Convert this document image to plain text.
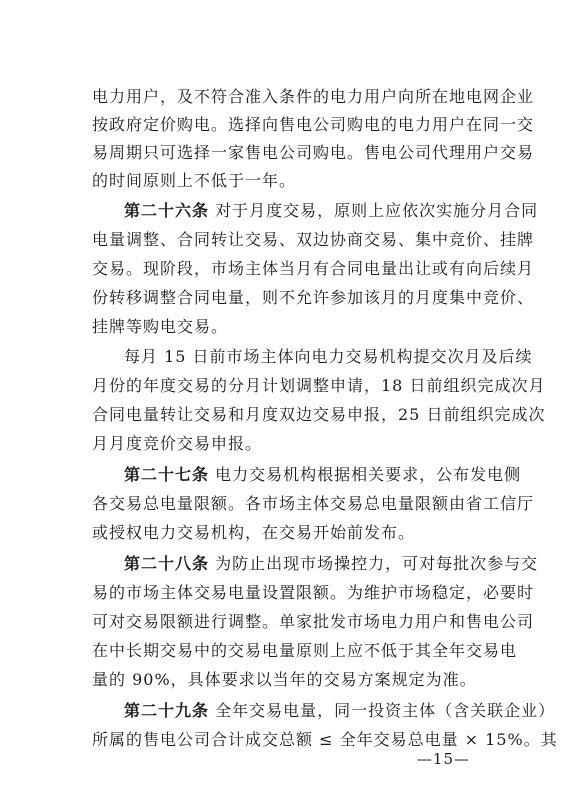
电力用户，及不符合准入条件的电力用户向所在地电网企业
按政府定价购电。选择向售电公司购电的电力用户在同一交
易周期只可选择一家售电公司购电。售电公司代理用户交易
的时间原则上不低于一年。
第二十六条 对于月度交易，原则上应依次实施分月合同
电量调整、合同转让交易、双边协商交易、集中竞价、挂牌
交易。现阶段，市场主体当月有合同电量出让或有向后续月
份转移调整合同电量，则不允许参加该月的月度集中竞价、
挂牌等购电交易。
每月 15 日前市场主体向电力交易机构提交次月及后续
月份的年度交易的分月计划调整申请，18 日前组织完成次月
合同电量转让交易和月度双边交易申报，25 日前组织完成次
月月度竞价交易申报。
第二十七条 电力交易机构根据相关要求，公布发电侧
各交易总电量限额。各市场主体交易总电量限额由省工信厅
或授权电力交易机构，在交易开始前发布。
第二十八条 为防止出现市场操控力，可对每批次参与交
易的市场主体交易电量设置限额。为维护市场稳定，必要时
可对交易限额进行调整。单家批发市场电力用户和售电公司
在中长期交易中的交易电量原则上应不低于其全年交易电
量的 90%，具体要求以当年的交易方案规定为准。
第二十九条 全年交易电量，同一投资主体（含关联企业）
所属的售电公司合计成交总额 ≤ 全年交易总电量 × 15%。其
—15—
